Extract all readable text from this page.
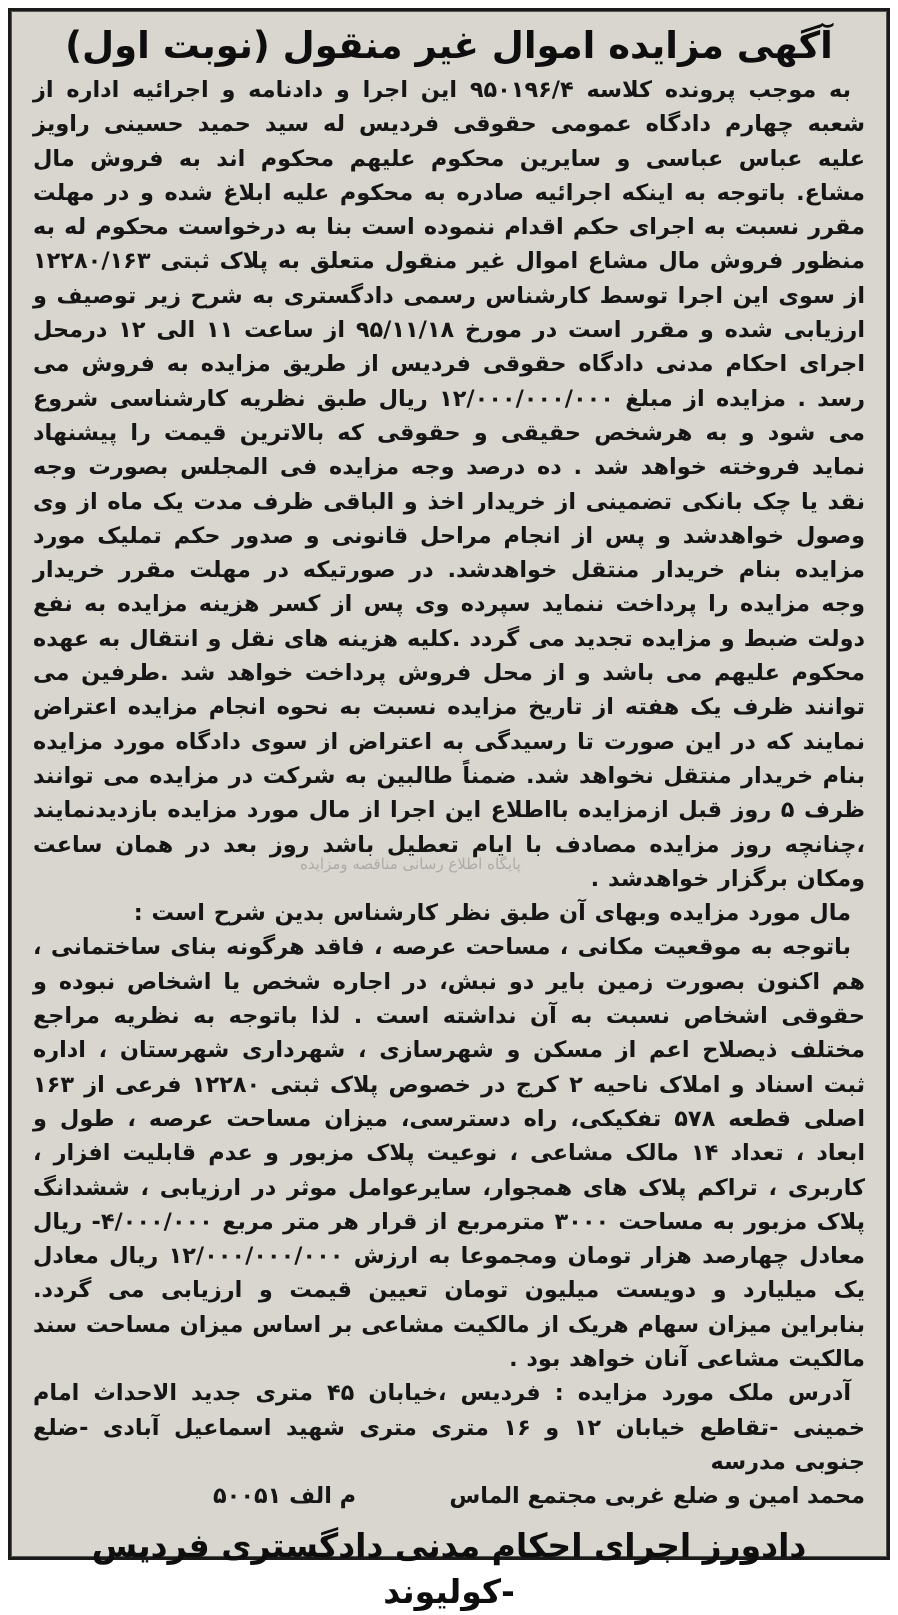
آگهی مزایده اموال غیر منقول (نوبت اول)

به موجب پرونده کلاسه ۹۵۰۱۹۶/۴ این اجرا و دادنامه و اجرائیه اداره از شعبه چهارم دادگاه عمومی حقوقی فردیس له سید حمید حسینی راویز علیه عباس عباسی و سایرین محکوم علیهم محکوم اند به فروش مال مشاع. باتوجه به اینکه اجرائیه صادره به محکوم علیه ابلاغ شده و در مهلت مقرر نسبت به اجرای حکم اقدام ننموده است بنا به درخواست محکوم له به منظور فروش مال مشاع اموال غیر منقول متعلق به پلاک ثبتی ۱۲۲۸۰/۱۶۳ از سوی این اجرا توسط کارشناس رسمی دادگستری به شرح زیر توصیف و ارزیابی شده و مقرر است در مورخ ۹۵/۱۱/۱۸ از ساعت ۱۱ الی ۱۲ درمحل اجرای احکام مدنی دادگاه حقوقی فردیس از طریق مزایده به فروش می رسد . مزایده از مبلغ ۱۲/۰۰۰/۰۰۰/۰۰۰ ریال طبق نظریه کارشناسی شروع می شود و به هرشخص حقیقی و حقوقی که بالاترین قیمت را پیشنهاد نماید فروخته خواهد شد . ده درصد وجه مزایده فی المجلس بصورت وجه نقد یا چک بانکی تضمینی از خریدار اخذ و الباقی ظرف مدت یک ماه از وی وصول خواهدشد و پس از انجام مراحل قانونی و صدور حکم تملیک مورد مزایده بنام خریدار منتقل خواهدشد. در صورتیکه در مهلت مقرر خریدار وجه مزایده را پرداخت ننماید سپرده وی پس از کسر هزینه مزایده به نفع دولت ضبط و مزایده تجدید می گردد .کلیه هزینه های نقل و انتقال به عهده محکوم علیهم می باشد و از محل فروش پرداخت خواهد شد .طرفین می توانند ظرف یک هفته از تاریخ مزایده نسبت به نحوه انجام مزایده اعتراض نمایند که در این صورت تا رسیدگی به اعتراض از سوی دادگاه مورد مزایده بنام خریدار منتقل نخواهد شد. ضمناً طالبین به شرکت در مزایده می توانند ظرف ۵ روز قبل ازمزایده بااطلاع این اجرا از مال مورد مزایده بازدیدنمایند ،چنانچه روز مزایده مصادف با ایام تعطیل باشد روز بعد در همان ساعت ومکان برگزار خواهدشد .

مال مورد مزایده وبهای آن طبق نظر کارشناس بدین شرح است :

باتوجه به موقعیت مکانی ، مساحت عرصه ، فاقد هرگونه بنای ساختمانی ، هم اکنون بصورت زمین بایر دو نبش، در اجاره شخص یا اشخاص نبوده و حقوقی اشخاص نسبت به آن نداشته است . لذا باتوجه به نظریه مراجع مختلف ذیصلاح اعم از مسکن و شهرسازی ، شهرداری شهرستان ، اداره ثبت اسناد و املاک ناحیه ۲ کرج در خصوص پلاک ثبتی ۱۲۲۸۰ فرعی از ۱۶۳ اصلی قطعه ۵۷۸ تفکیکی، راه دسترسی، میزان مساحت عرصه ، طول و ابعاد ، تعداد ۱۴ مالک مشاعی ، نوعیت پلاک مزبور و عدم قابلیت افزار ، کاربری ، تراکم پلاک های همجوار، سایرعوامل موثر در ارزیابی ، ششدانگ پلاک مزبور به مساحت ۳۰۰۰ مترمربع از قرار هر متر مربع ۴/۰۰۰/۰۰۰- ریال معادل چهارصد هزار تومان ومجموعا به ارزش ۱۲/۰۰۰/۰۰۰/۰۰۰ ریال معادل یک میلیارد و دویست میلیون تومان تعیین قیمت و ارزیابی می گردد. بنابراین میزان سهام هریک از مالکیت مشاعی بر اساس میزان مساحت سند مالکیت مشاعی آنان خواهد بود .

آدرس ملک مورد مزایده : فردیس ،خیابان ۴۵ متری جدید الاحداث امام خمینی -تقاطع خیابان ۱۲ و ۱۶ متری متری شهید اسماعیل آبادی -ضلع جنوبی مدرسه

محمد امین و ضلع غربی مجتمع الماس
م الف ۵۰۰۵۱
دادورز اجرای احکام مدنی دادگستری فردیس -کولیوند
پایگاه اطلاع رسانی مناقصه ومزایده
